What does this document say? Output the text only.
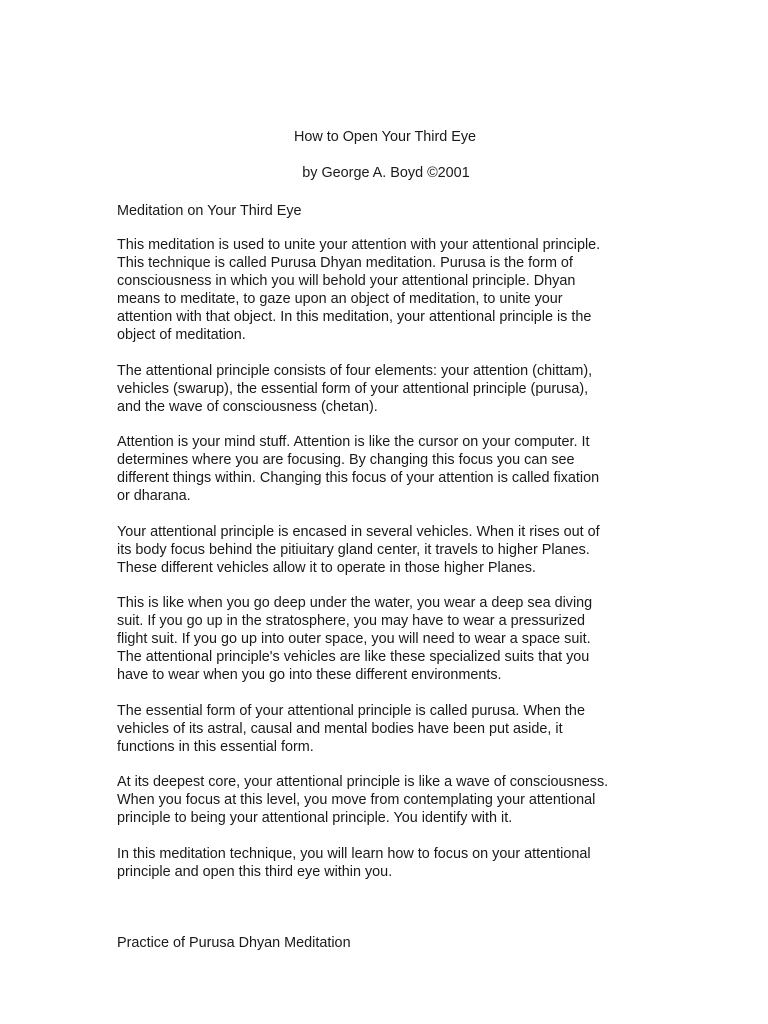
How to Open Your Third Eye

by George A. Boyd ©2001

Meditation on Your Third Eye

This meditation is used to unite your attention with your attentional principle.
This technique is called Purusa Dhyan meditation. Purusa is the form of
consciousness in which you will behold your attentional principle. Dhyan
means to meditate, to gaze upon an object of meditation, to unite your
attention with that object. In this meditation, your attentional principle is the
object of meditation.

The attentional principle consists of four elements: your attention (chittam),
vehicles (swarup), the essential form of your attentional principle (purusa),
and the wave of consciousness (chetan).

Attention is your mind stuff. Attention is like the cursor on your computer. It
determines where you are focusing. By changing this focus you can see
different things within. Changing this focus of your attention is called fixation
or dharana.

Your attentional principle is encased in several vehicles. When it rises out of
its body focus behind the pitiuitary gland center, it travels to higher Planes.
These different vehicles allow it to operate in those higher Planes.

This is like when you go deep under the water, you wear a deep sea diving
suit. If you go up in the stratosphere, you may have to wear a pressurized
flight suit. If you go up into outer space, you will need to wear a space suit.
The attentional principle's vehicles are like these specialized suits that you
have to wear when you go into these different environments.

The essential form of your attentional principle is called purusa. When the
vehicles of its astral, causal and mental bodies have been put aside, it
functions in this essential form.

At its deepest core, your attentional principle is like a wave of consciousness.
When you focus at this level, you move from contemplating your attentional
principle to being your attentional principle. You identify with it.

In this meditation technique, you will learn how to focus on your attentional
principle and open this third eye within you.

Practice of Purusa Dhyan Meditation
